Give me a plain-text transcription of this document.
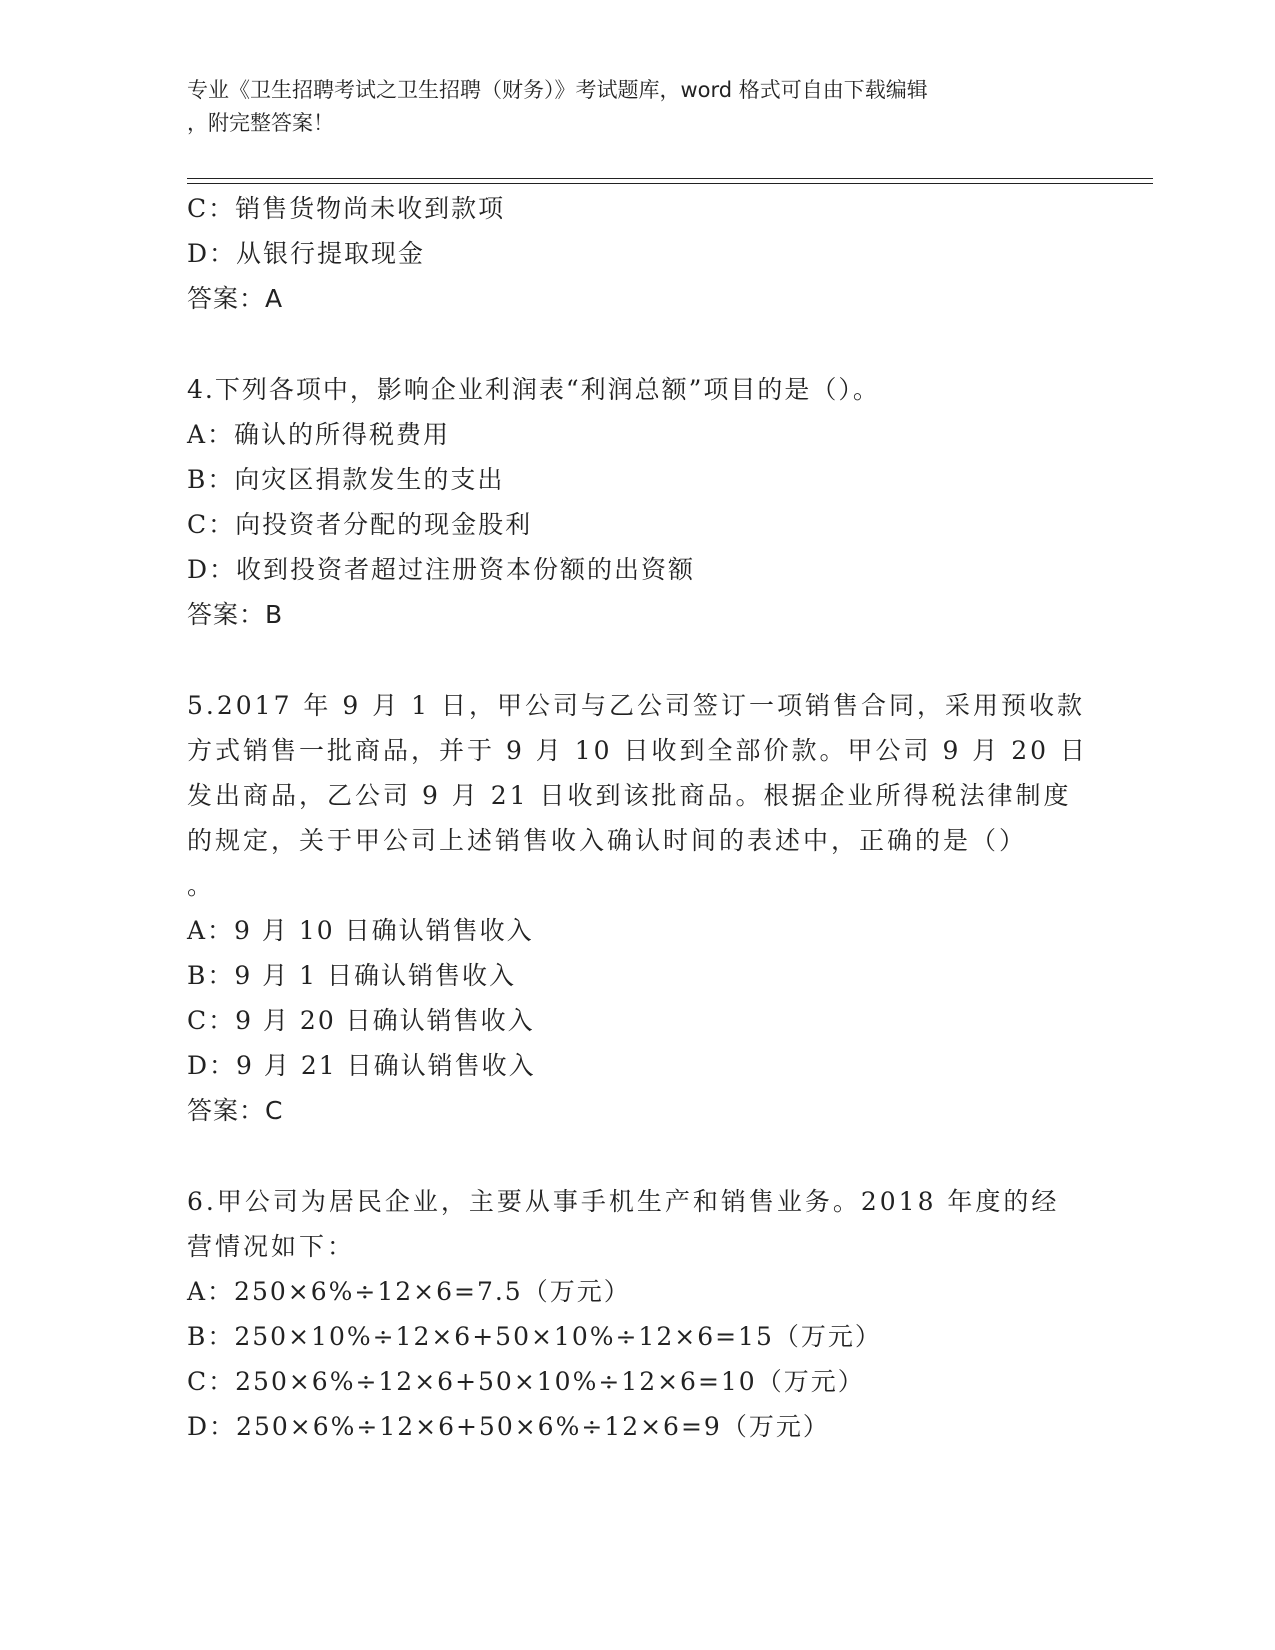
专业《卫生招聘考试之卫生招聘（财务）》考试题库，word 格式可自由下载编辑
，附完整答案！
C：销售货物尚未收到款项
D：从银行提取现金
答案：A
4.下列各项中，影响企业利润表“利润总额”项目的是（）。
A：确认的所得税费用
B：向灾区捐款发生的支出
C：向投资者分配的现金股利
D：收到投资者超过注册资本份额的出资额
答案：B
5.2017 年 9 月 1 日，甲公司与乙公司签订一项销售合同，采用预收款
方式销售一批商品，并于 9 月 10 日收到全部价款。甲公司 9 月 20 日
发出商品，乙公司 9 月 21 日收到该批商品。根据企业所得税法律制度
的规定，关于甲公司上述销售收入确认时间的表述中，正确的是（）
。
A：9 月 10 日确认销售收入
B：9 月 1 日确认销售收入
C：9 月 20 日确认销售收入
D：9 月 21 日确认销售收入
答案：C
6.甲公司为居民企业，主要从事手机生产和销售业务。2018 年度的经
营情况如下：
A：250×6%÷12×6=7.5（万元）
B：250×10%÷12×6+50×10%÷12×6=15（万元）
C：250×6%÷12×6+50×10%÷12×6=10（万元）
D：250×6%÷12×6+50×6%÷12×6=9（万元）
